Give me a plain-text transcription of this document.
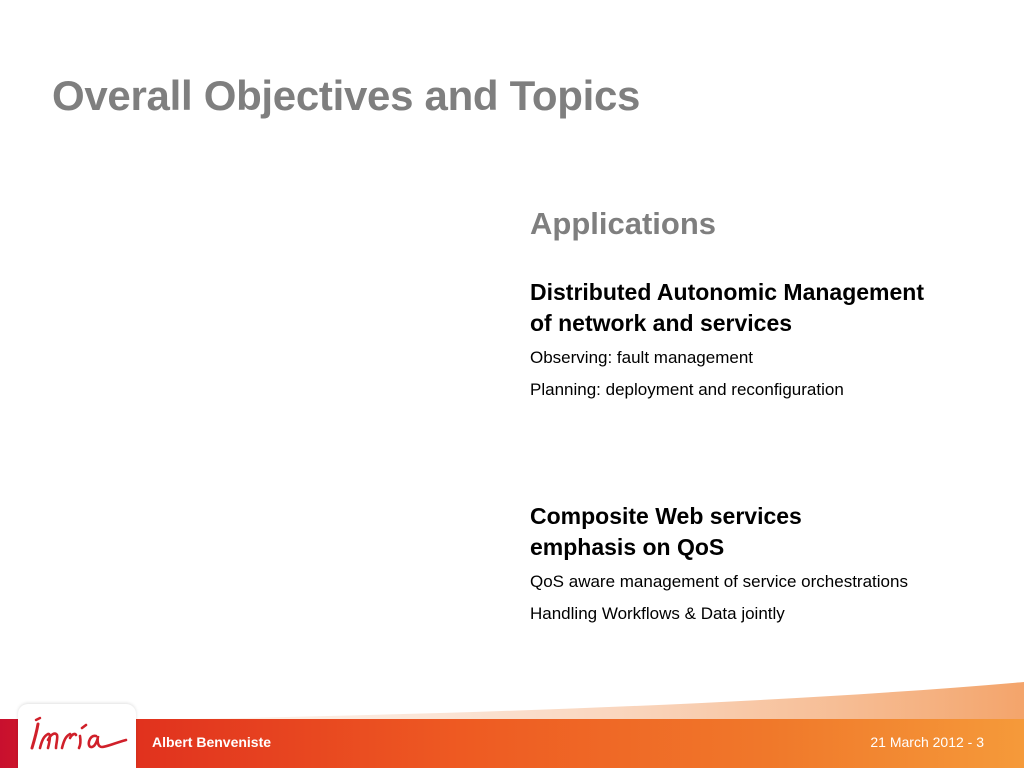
Overall Objectives and Topics
Applications
Distributed Autonomic Management
of network and services

Observing: fault management

Planning: deployment and reconfiguration

Composite Web services
emphasis on QoS

QoS aware management of service orchestrations

Handling Workflows & Data jointly

Albert Benveniste	21 March 2012 - 3
